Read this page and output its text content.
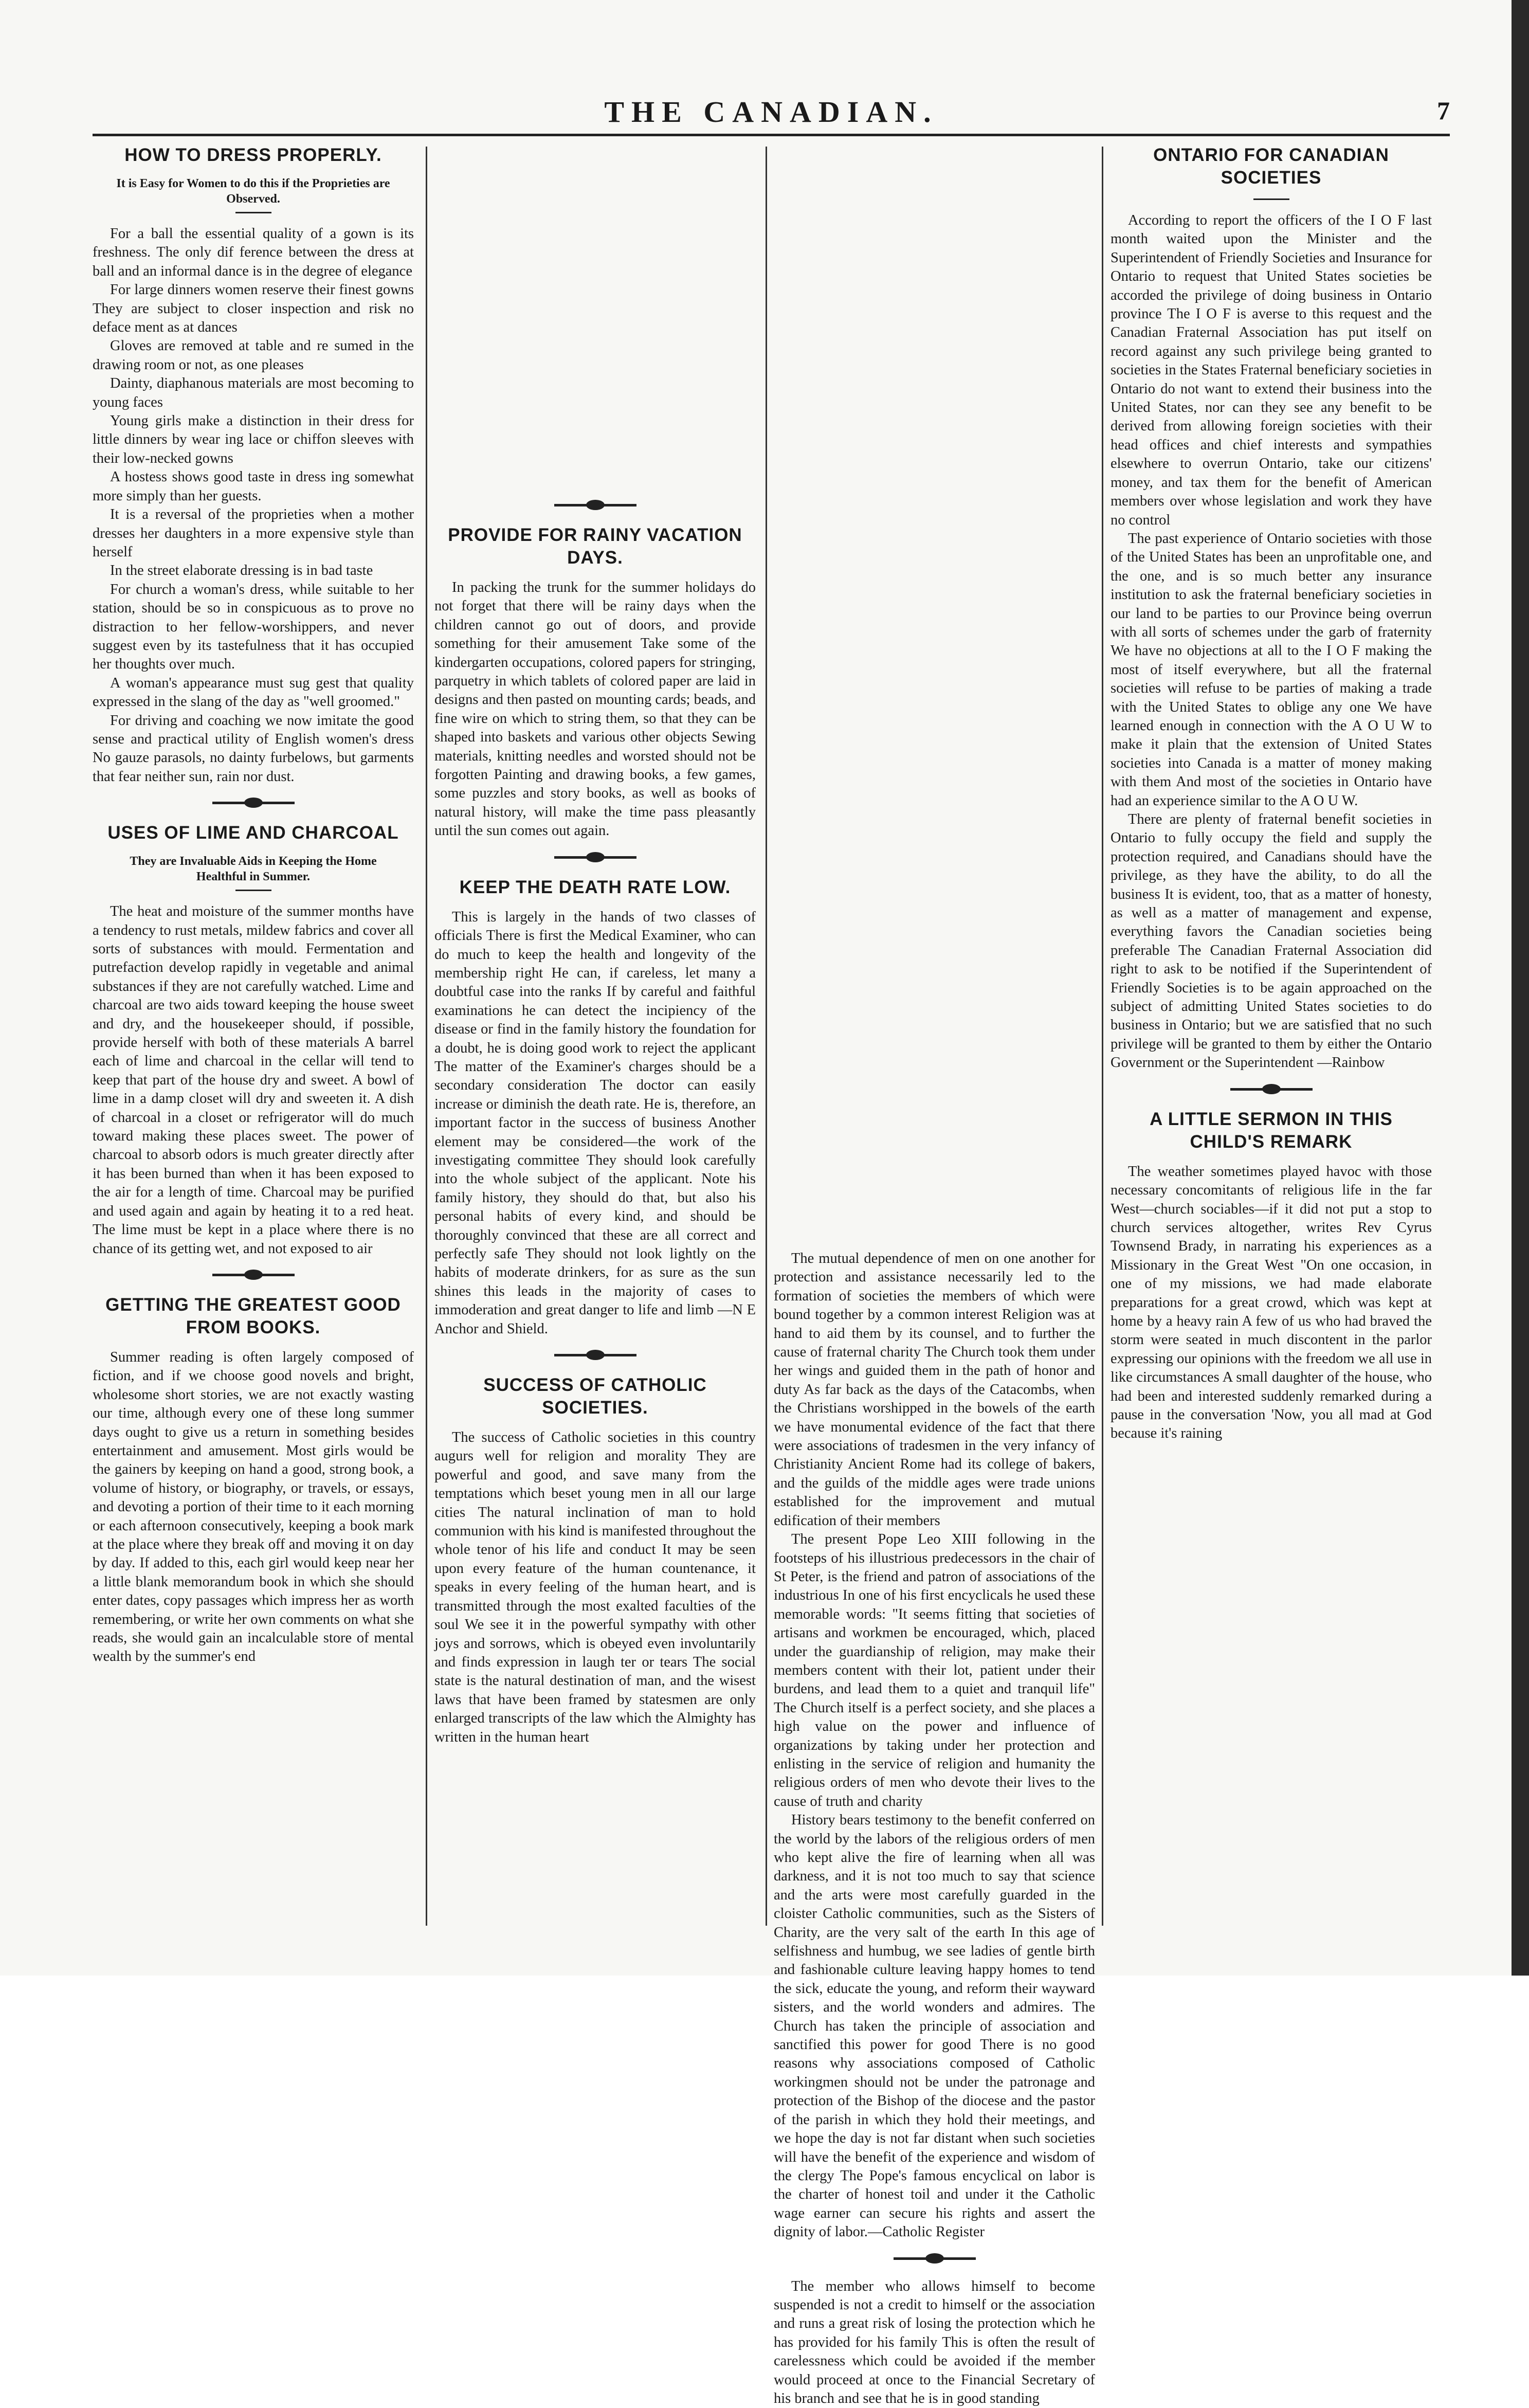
THE CANADIAN.	7
HOW TO DRESS PROPERLY.
It is Easy for Women to do this if the Proprieties are Observed.

For a ball the essential quality of a gown is its freshness. The only dif ference between the dress at ball and an informal dance is in the degree of elegance

For large dinners women reserve their finest gowns They are subject to closer inspection and risk no deface ment as at dances

Gloves are removed at table and re sumed in the drawing room or not, as one pleases

Dainty, diaphanous materials are most becoming to young faces

Young girls make a distinction in their dress for little dinners by wear ing lace or chiffon sleeves with their low-necked gowns

A hostess shows good taste in dress ing somewhat more simply than her guests.

It is a reversal of the proprieties when a mother dresses her daughters in a more expensive style than herself

In the street elaborate dressing is in bad taste

For church a woman's dress, while suitable to her station, should be so in conspicuous as to prove no distraction to her fellow-worshippers, and never suggest even by its tastefulness that it has occupied her thoughts over much.

A woman's appearance must sug gest that quality expressed in the slang of the day as "well groomed."

For driving and coaching we now imitate the good sense and practical utility of English women's dress No gauze parasols, no dainty furbelows, but garments that fear neither sun, rain nor dust.

USES OF LIME AND CHARCOAL
They are Invaluable Aids in Keeping the Home Healthful in Summer.

The heat and moisture of the summer months have a tendency to rust metals, mildew fabrics and cover all sorts of substances with mould. Fermentation and putrefaction develop rapidly in vegetable and animal substances if they are not carefully watched. Lime and charcoal are two aids toward keeping the house sweet and dry, and the housekeeper should, if possible, provide herself with both of these materials A barrel each of lime and charcoal in the cellar will tend to keep that part of the house dry and sweet. A bowl of lime in a damp closet will dry and sweeten it. A dish of charcoal in a closet or refrigerator will do much toward making these places sweet. The power of charcoal to absorb odors is much greater directly after it has been burned than when it has been exposed to the air for a length of time. Charcoal may be purified and used again and again by heating it to a red heat. The lime must be kept in a place where there is no chance of its getting wet, and not exposed to air

GETTING THE GREATEST GOOD FROM BOOKS.

Summer reading is often largely composed of fiction, and if we choose good novels and bright, wholesome short stories, we are not exactly wasting our time, although every one of these long summer days ought to give us a return in something besides entertainment and amusement. Most girls would be the gainers by keeping on hand a good, strong book, a volume of history, or biography, or travels, or essays, and devoting a portion of their time to it each morning or each afternoon consecutively, keeping a book mark at the place where they break off and moving it on day by day. If added to this, each girl would keep near her a little blank memorandum book in which she should enter dates, copy passages which impress her as worth remembering, or write her own comments on what she reads, she would gain an incalculable store of mental wealth by the summer's end

PROVIDE FOR RAINY VACATION DAYS.

In packing the trunk for the summer holidays do not forget that there will be rainy days when the children cannot go out of doors, and provide something for their amusement Take some of the kindergarten occupations, colored papers for stringing, parquetry in which tablets of colored paper are laid in designs and then pasted on mounting cards; beads, and fine wire on which to string them, so that they can be shaped into baskets and various other objects Sewing materials, knitting needles and worsted should not be forgotten Painting and drawing books, a few games, some puzzles and story books, as well as books of natural history, will make the time pass pleasantly until the sun comes out again.

KEEP THE DEATH RATE LOW.

This is largely in the hands of two classes of officials There is first the Medical Examiner, who can do much to keep the health and longevity of the membership right He can, if careless, let many a doubtful case into the ranks If by careful and faithful examinations he can detect the incipiency of the disease or find in the family history the foundation for a doubt, he is doing good work to reject the applicant The matter of the Examiner's charges should be a secondary consideration The doctor can easily increase or diminish the death rate. He is, therefore, an important factor in the success of business Another element may be considered—the work of the investigating committee They should look carefully into the whole subject of the applicant. Note his family history, they should do that, but also his personal habits of every kind, and should be thoroughly convinced that these are all correct and perfectly safe They should not look lightly on the habits of moderate drinkers, for as sure as the sun shines this leads in the majority of cases to immoderation and great danger to life and limb —N E Anchor and Shield.

SUCCESS OF CATHOLIC SOCIETIES.

The success of Catholic societies in this country augurs well for religion and morality They are powerful and good, and save many from the temptations which beset young men in all our large cities The natural inclination of man to hold communion with his kind is manifested throughout the whole tenor of his life and conduct It may be seen upon every feature of the human countenance, it speaks in every feeling of the human heart, and is transmitted through the most exalted faculties of the soul We see it in the powerful sympathy with other joys and sorrows, which is obeyed even involuntarily and finds expression in laugh ter or tears The social state is the natural destination of man, and the wisest laws that have been framed by statesmen are only enlarged transcripts of the law which the Almighty has written in the human heart

The mutual dependence of men on one another for protection and assistance necessarily led to the formation of societies the members of which were bound together by a common interest Religion was at hand to aid them by its counsel, and to further the cause of fraternal charity The Church took them under her wings and guided them in the path of honor and duty As far back as the days of the Catacombs, when the Christians worshipped in the bowels of the earth we have monumental evidence of the fact that there were associations of tradesmen in the very infancy of Christianity Ancient Rome had its college of bakers, and the guilds of the middle ages were trade unions established for the improvement and mutual edification of their members

The present Pope Leo XIII following in the footsteps of his illustrious predecessors in the chair of St Peter, is the friend and patron of associations of the industrious In one of his first encyclicals he used these memorable words: "It seems fitting that societies of artisans and workmen be encouraged, which, placed under the guardianship of religion, may make their members content with their lot, patient under their burdens, and lead them to a quiet and tranquil life" The Church itself is a perfect society, and she places a high value on the power and influence of organizations by taking under her protection and enlisting in the service of religion and humanity the religious orders of men who devote their lives to the cause of truth and charity

History bears testimony to the benefit conferred on the world by the labors of the religious orders of men who kept alive the fire of learning when all was darkness, and it is not too much to say that science and the arts were most carefully guarded in the cloister Catholic communities, such as the Sisters of Charity, are the very salt of the earth In this age of selfishness and humbug, we see ladies of gentle birth and fashionable culture leaving happy homes to tend the sick, educate the young, and reform their wayward sisters, and the world wonders and admires. The Church has taken the principle of association and sanctified this power for good There is no good reasons why associations composed of Catholic workingmen should not be under the patronage and protection of the Bishop of the diocese and the pastor of the parish in which they hold their meetings, and we hope the day is not far distant when such societies will have the benefit of the experience and wisdom of the clergy The Pope's famous encyclical on labor is the charter of honest toil and under it the Catholic wage earner can secure his rights and assert the dignity of labor.—Catholic Register

The member who allows himself to become suspended is not a credit to himself or the association and runs a great risk of losing the protection which he has provided for his family This is often the result of carelessness which could be avoided if the member would proceed at once to the Financial Secretary of his branch and see that he is in good standing

ONTARIO FOR CANADIAN SOCIETIES

According to report the officers of the I O F last month waited upon the Minister and the Superintendent of Friendly Societies and Insurance for Ontario to request that United States societies be accorded the privilege of doing business in Ontario province The I O F is averse to this request and the Canadian Fraternal Association has put itself on record against any such privilege being granted to societies in the States Fraternal beneficiary societies in Ontario do not want to extend their business into the United States, nor can they see any benefit to be derived from allowing foreign societies with their head offices and chief interests and sympathies elsewhere to overrun Ontario, take our citizens' money, and tax them for the benefit of American members over whose legislation and work they have no control

The past experience of Ontario societies with those of the United States has been an unprofitable one, and the one, and is so much better any insurance institution to ask the fraternal beneficiary societies in our land to be parties to our Province being overrun with all sorts of schemes under the garb of fraternity We have no objections at all to the I O F making the most of itself everywhere, but all the fraternal societies will refuse to be parties of making a trade with the United States to oblige any one We have learned enough in connection with the A O U W to make it plain that the extension of United States societies into Canada is a matter of money making with them And most of the societies in Ontario have had an experience similar to the A O U W.

There are plenty of fraternal benefit societies in Ontario to fully occupy the field and supply the protection required, and Canadians should have the privilege, as they have the ability, to do all the business It is evident, too, that as a matter of honesty, as well as a matter of management and expense, everything favors the Canadian societies being preferable The Canadian Fraternal Association did right to ask to be notified if the Superintendent of Friendly Societies is to be again approached on the subject of admitting United States societies to do business in Ontario; but we are satisfied that no such privilege will be granted to them by either the Ontario Government or the Superintendent —Rainbow

A LITTLE SERMON IN THIS CHILD'S REMARK

The weather sometimes played havoc with those necessary concomitants of religious life in the far West—church sociables—if it did not put a stop to church services altogether, writes Rev Cyrus Townsend Brady, in narrating his experiences as a Missionary in the Great West "On one occasion, in one of my missions, we had made elaborate preparations for a great crowd, which was kept at home by a heavy rain A few of us who had braved the storm were seated in much discontent in the parlor expressing our opinions with the freedom we all use in like circumstances A small daughter of the house, who had been and interested suddenly remarked during a pause in the conversation 'Now, you all mad at God because it's raining
